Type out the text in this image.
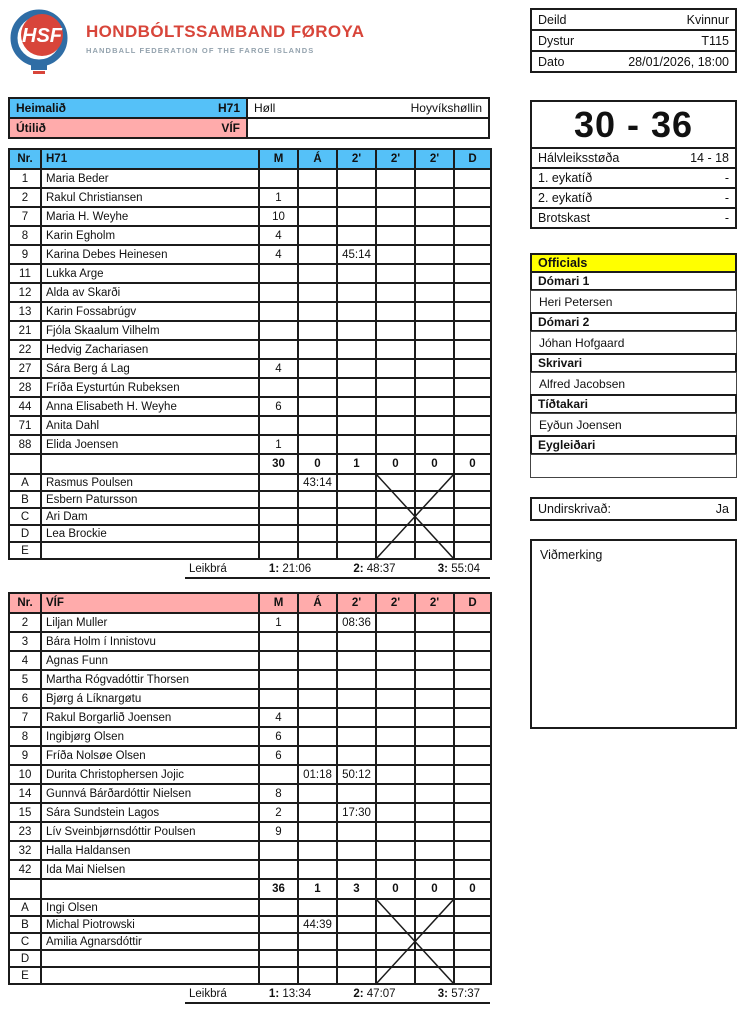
HSF HONDBÓLTSSAMBAND FØROYA
HANDBALL FEDERATION OF THE FAROE ISLANDS
Deild	Kvinnur
Dystur	T115
Dato	28/01/2026, 18:00
Heimalið	H71 Høll	Hoyvíkshøllin
Útilið	VÍF
Nr.	H71	M	Á	2'	2'	2'	D
1	Maria Beder						
2	Rakul Christiansen	1					
7	Maria H. Weyhe	10					
8	Karin Egholm	4					
9	Karina Debes Heinesen	4		45:14			
11	Lukka Arge						
12	Alda av Skarði						
13	Karin Fossabrúgv						
21	Fjóla Skaalum Vilhelm						
22	Hedvig Zachariasen						
27	Sára Berg á Lag	4					
28	Fríða Eysturtún Rubeksen						
44	Anna Elisabeth H. Weyhe	6					
71	Anita Dahl						
88	Elida Joensen	1					
		30	0	1	0	0	0
A	Rasmus Poulsen		43:14				
B	Esbern Patursson						
C	Ari Dam						
D	Lea Brockie						
E							
Leikbrá	1: 21:06	2: 48:37	3: 55:04
Nr.	VÍF	M	Á	2'	2'	2'	D
2	Liljan Muller	1		08:36			
3	Bára Holm í Innistovu						
4	Agnas Funn						
5	Martha Rógvadóttir Thorsen						
6	Bjørg á Líknargøtu						
7	Rakul Borgarlið Joensen	4					
8	Ingibjørg Olsen	6					
9	Fríða Nolsøe Olsen	6					
10	Durita Christophersen Jojic		01:18	50:12			
14	Gunnvá Bárðardóttir Nielsen	8					
15	Sára Sundstein Lagos	2		17:30			
23	Lív Sveinbjørnsdóttir Poulsen	9					
32	Halla Haldansen						
42	Ida Mai Nielsen						
		36	1	3	0	0	0
A	Ingi Olsen						
B	Michal Piotrowski		44:39				
C	Amilia Agnarsdóttir						
D							
E							
Leikbrá	1: 13:34	2: 47:07	3: 57:37
30 - 36
Hálvleiksstøða	14 - 18
1. eykatíð	-
2. eykatíð	-
Brotskast	-
Officials
Dómari 1
Heri Petersen
Dómari 2
Jóhan Hofgaard
Skrivari
Alfred Jacobsen
Tíðtakari
Eyðun Joensen
Eygleiðari
Undirskrivað:	Ja
Viðmerking
